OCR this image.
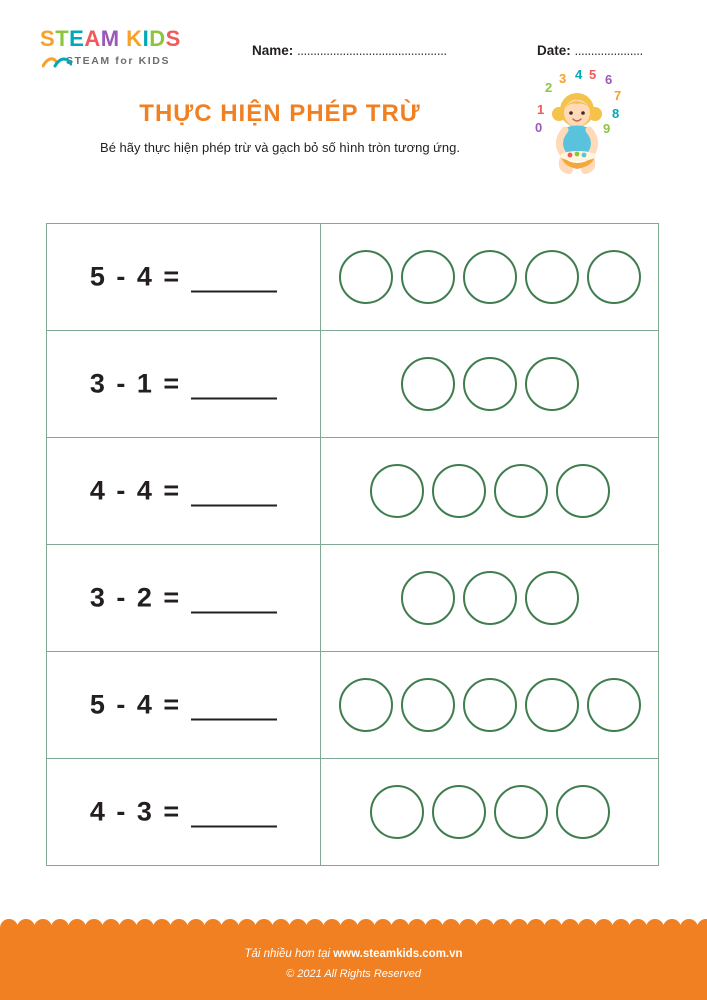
STEAM KIDS
STEAM for KIDS
Name: ..............................................	Date: .....................
THỰC HIỆN PHÉP TRỪ
Bé hãy thực hiện phép trừ và gạch bỏ số hình tròn tương ứng.
2
3 4 5 6
7
8
9
1
0
5 - 4 =
3 - 1 =
4 - 4 =
3 - 2 =
5 - 4 =
4 - 3 =
Tải nhiều hơn tại www.steamkids.com.vn
© 2021 All Rights Reserved
